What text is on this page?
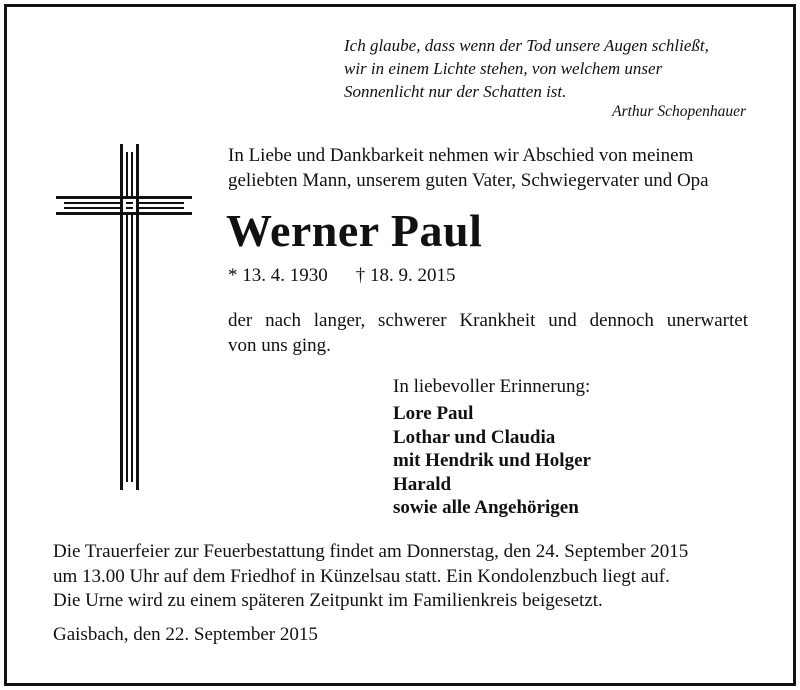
Ich glaube, dass wenn der Tod unsere Augen schließt,
wir in einem Lichte stehen, von welchem unser
Sonnenlicht nur der Schatten ist.
Arthur Schopenhauer
In Liebe und Dankbarkeit nehmen wir Abschied von meinem
geliebten Mann, unserem guten Vater, Schwiegervater und Opa
Werner Paul
* 13. 4. 1930 † 18. 9. 2015
der nach langer, schwerer Krankheit und dennoch unerwartet
von uns ging.
In liebevoller Erinnerung:
Lore Paul
Lothar und Claudia
mit Hendrik und Holger
Harald
sowie alle Angehörigen
Die Trauerfeier zur Feuerbestattung findet am Donnerstag, den 24. September 2015
um 13.00 Uhr auf dem Friedhof in Künzelsau statt. Ein Kondolenzbuch liegt auf.
Die Urne wird zu einem späteren Zeitpunkt im Familienkreis beigesetzt.
Gaisbach, den 22. September 2015
